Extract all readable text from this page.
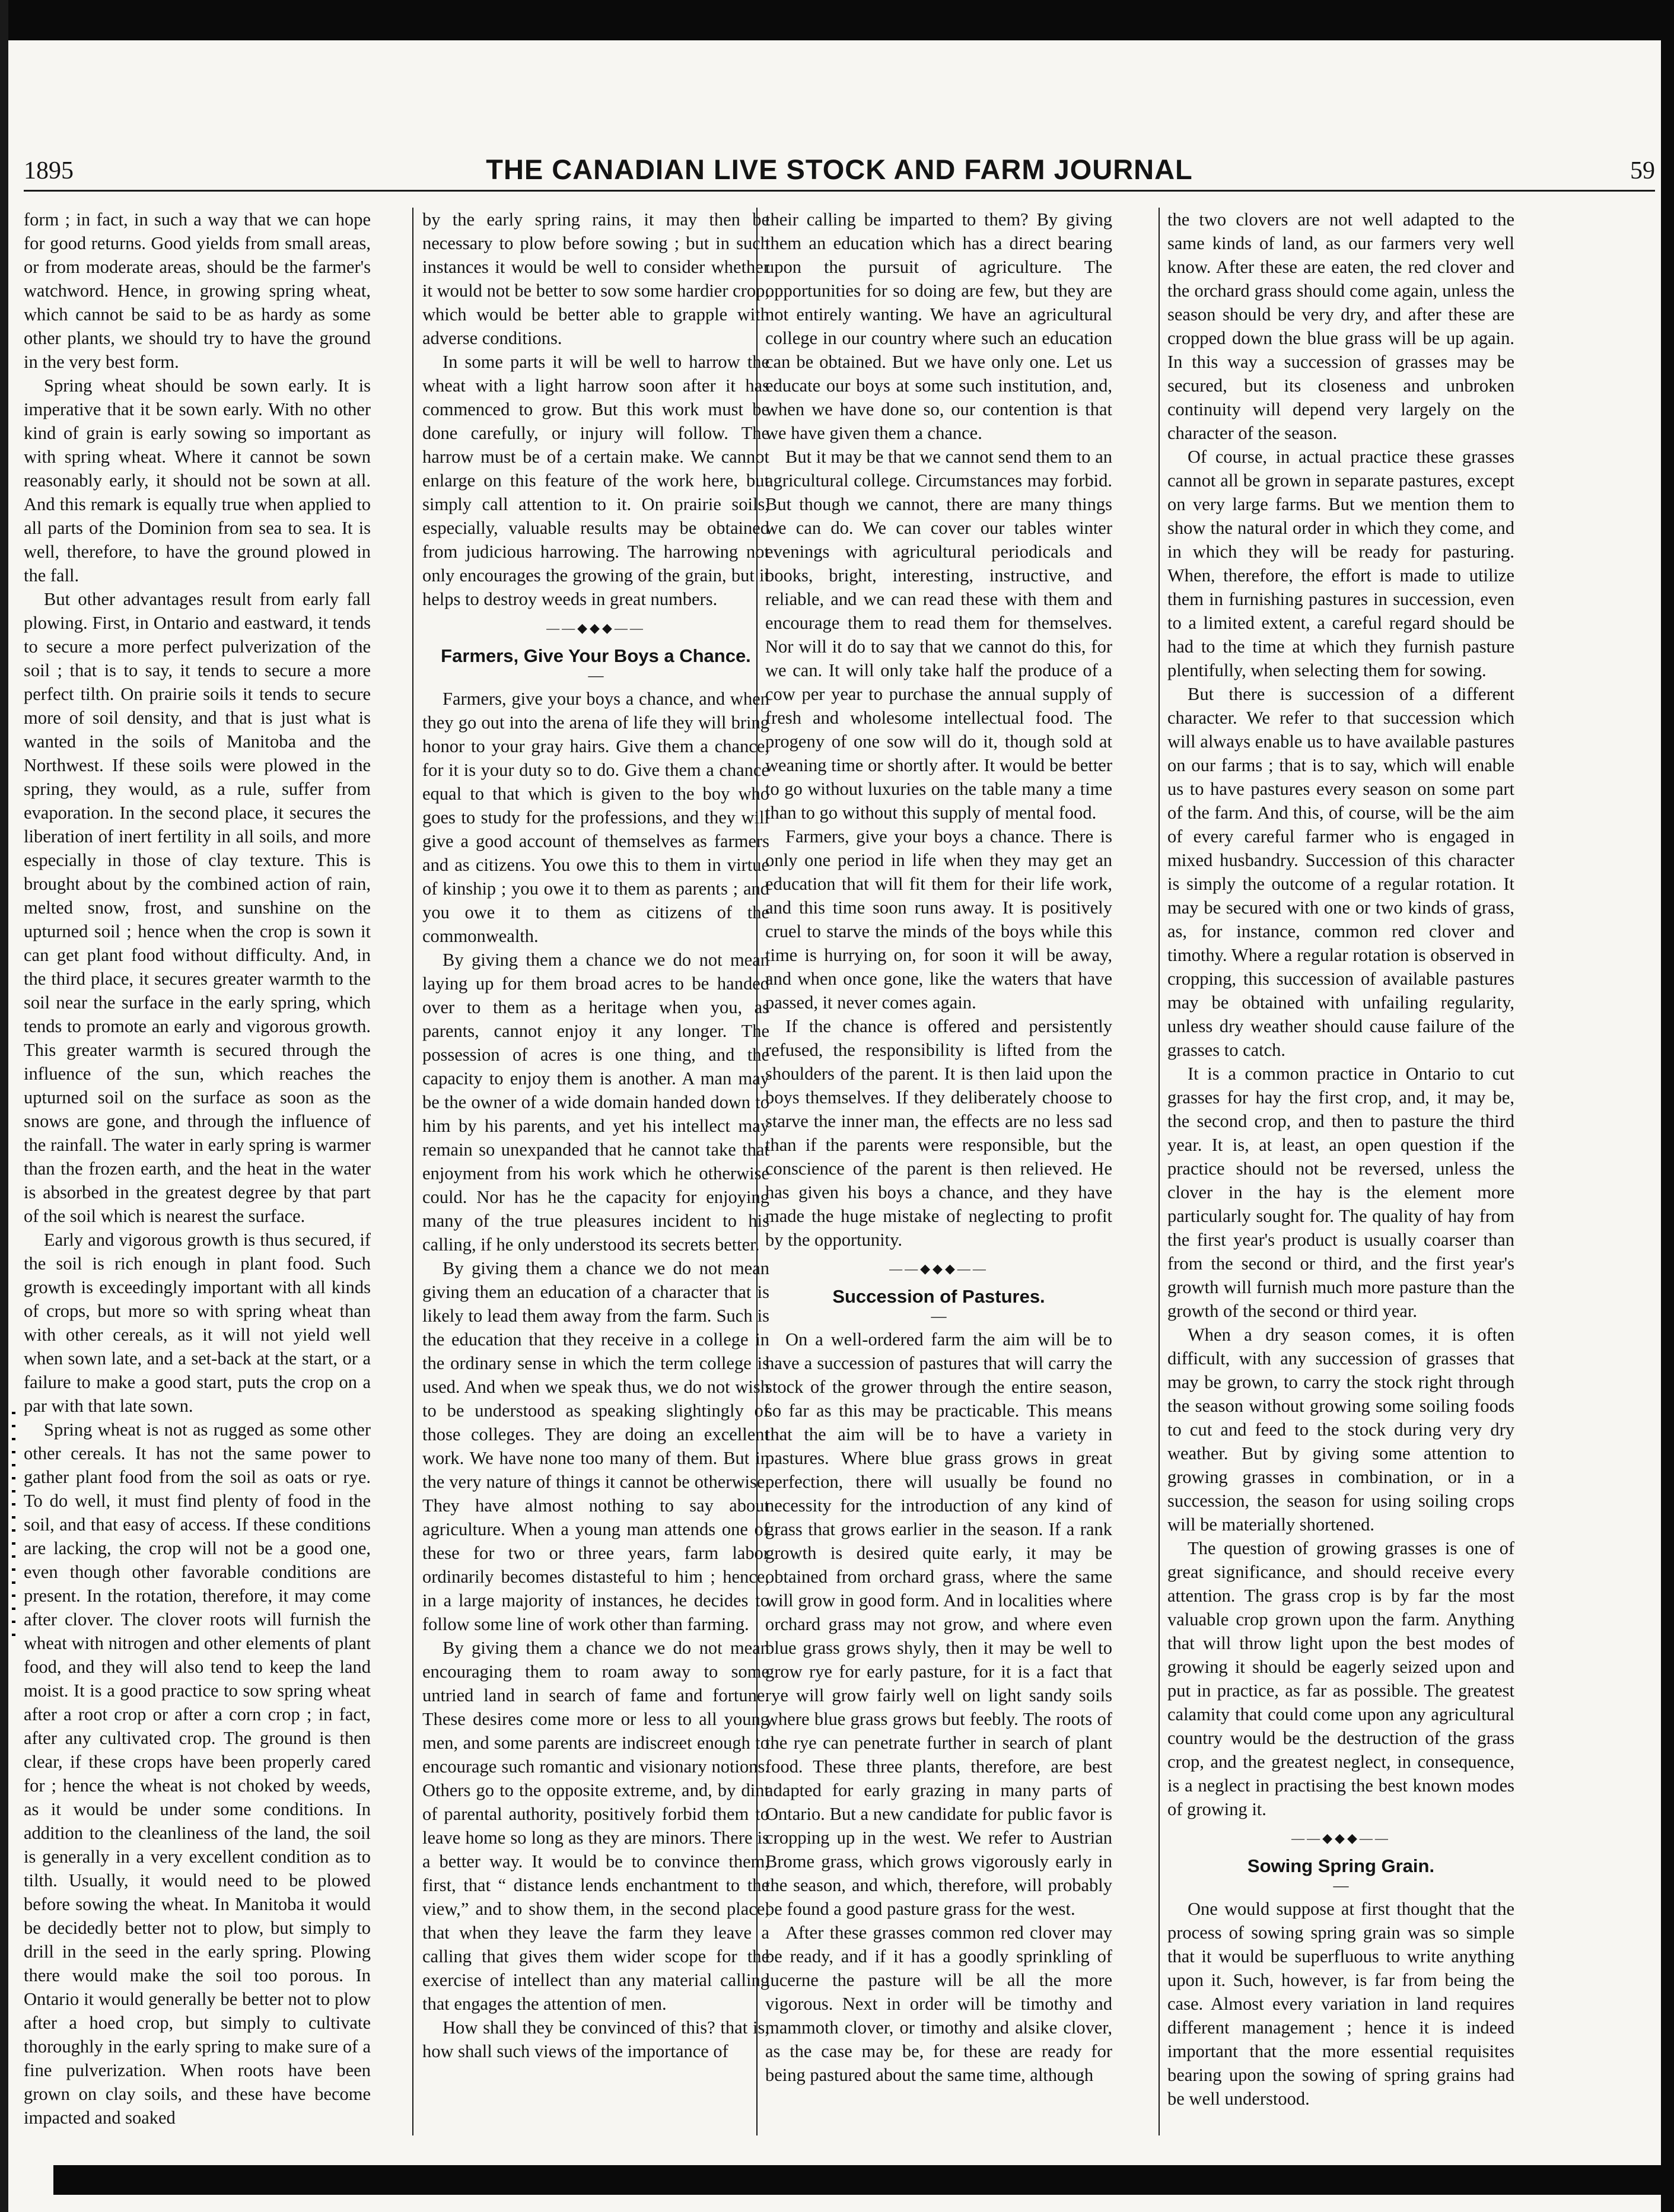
1895	THE CANADIAN LIVE STOCK AND FARM JOURNAL	59

form ; in fact, in such a way that we can hope for good returns. Good yields from small areas, or from moderate areas, should be the farmer's watchword. Hence, in growing spring wheat, which cannot be said to be as hardy as some other plants, we should try to have the ground in the very best form.

Spring wheat should be sown early. It is imperative that it be sown early. With no other kind of grain is early sowing so important as with spring wheat. Where it cannot be sown reasonably early, it should not be sown at all. And this remark is equally true when applied to all parts of the Dominion from sea to sea. It is well, therefore, to have the ground plowed in the fall.

But other advantages result from early fall plowing. First, in Ontario and eastward, it tends to secure a more perfect pulverization of the soil ; that is to say, it tends to secure a more perfect tilth. On prairie soils it tends to secure more of soil density, and that is just what is wanted in the soils of Manitoba and the Northwest. If these soils were plowed in the spring, they would, as a rule, suffer from evaporation. In the second place, it secures the liberation of inert fertility in all soils, and more especially in those of clay texture. This is brought about by the combined action of rain, melted snow, frost, and sunshine on the upturned soil ; hence when the crop is sown it can get plant food without difficulty. And, in the third place, it secures greater warmth to the soil near the surface in the early spring, which tends to promote an early and vigorous growth. This greater warmth is secured through the influence of the sun, which reaches the upturned soil on the surface as soon as the snows are gone, and through the influence of the rainfall. The water in early spring is warmer than the frozen earth, and the heat in the water is absorbed in the greatest degree by that part of the soil which is nearest the surface.

Early and vigorous growth is thus secured, if the soil is rich enough in plant food. Such growth is exceedingly important with all kinds of crops, but more so with spring wheat than with other cereals, as it will not yield well when sown late, and a set-back at the start, or a failure to make a good start, puts the crop on a par with that late sown.

Spring wheat is not as rugged as some other other cereals. It has not the same power to gather plant food from the soil as oats or rye. To do well, it must find plenty of food in the soil, and that easy of access. If these conditions are lacking, the crop will not be a good one, even though other favorable conditions are present. In the rotation, therefore, it may come after clover. The clover roots will furnish the wheat with nitrogen and other elements of plant food, and they will also tend to keep the land moist. It is a good practice to sow spring wheat after a root crop or after a corn crop ; in fact, after any cultivated crop. The ground is then clear, if these crops have been properly cared for ; hence the wheat is not choked by weeds, as it would be under some conditions. In addition to the cleanliness of the land, the soil is generally in a very excellent condition as to tilth. Usually, it would need to be plowed before sowing the wheat. In Manitoba it would be decidedly better not to plow, but simply to drill in the seed in the early spring. Plowing there would make the soil too porous. In Ontario it would generally be better not to plow after a hoed crop, but simply to cultivate thoroughly in the early spring to make sure of a fine pulverization. When roots have been grown on clay soils, and these have become impacted and soaked

by the early spring rains, it may then be necessary to plow before sowing ; but in such instances it would be well to consider whether it would not be better to sow some hardier crop, which would be better able to grapple with adverse conditions.

In some parts it will be well to harrow the wheat with a light harrow soon after it has commenced to grow. But this work must be done carefully, or injury will follow. The harrow must be of a certain make. We cannot enlarge on this feature of the work here, but simply call attention to it. On prairie soils, especially, valuable results may be obtained from judicious harrowing. The harrowing not only encourages the growing of the grain, but it helps to destroy weeds in great numbers.

——◆◆◆——
Farmers, Give Your Boys a Chance.
—

Farmers, give your boys a chance, and when they go out into the arena of life they will bring honor to your gray hairs. Give them a chance, for it is your duty so to do. Give them a chance equal to that which is given to the boy who goes to study for the professions, and they will give a good account of themselves as farmers and as citizens. You owe this to them in virtue of kinship ; you owe it to them as parents ; and you owe it to them as citizens of the commonwealth.

By giving them a chance we do not mean laying up for them broad acres to be handed over to them as a heritage when you, as parents, cannot enjoy it any longer. The possession of acres is one thing, and the capacity to enjoy them is another. A man may be the owner of a wide domain handed down to him by his parents, and yet his intellect may remain so unexpanded that he cannot take that enjoyment from his work which he otherwise could. Nor has he the capacity for enjoying many of the true pleasures incident to his calling, if he only understood its secrets better.

By giving them a chance we do not mean giving them an education of a character that is likely to lead them away from the farm. Such is the education that they receive in a college in the ordinary sense in which the term college is used. And when we speak thus, we do not wish to be understood as speaking slightingly of those colleges. They are doing an excellent work. We have none too many of them. But in the very nature of things it cannot be otherwise. They have almost nothing to say about agriculture. When a young man attends one of these for two or three years, farm labor ordinarily becomes distasteful to him ; hence, in a large majority of instances, he decides to follow some line of work other than farming.

By giving them a chance we do not mean encouraging them to roam away to some untried land in search of fame and fortune. These desires come more or less to all young men, and some parents are indiscreet enough to encourage such romantic and visionary notions. Others go to the opposite extreme, and, by dint of parental authority, positively forbid them to leave home so long as they are minors. There is a better way. It would be to convince them, first, that “ distance lends enchantment to the view,” and to show them, in the second place, that when they leave the farm they leave a calling that gives them wider scope for the exercise of intellect than any material calling that engages the attention of men.

How shall they be convinced of this? that is, how shall such views of the importance of

their calling be imparted to them? By giving them an education which has a direct bearing upon the pursuit of agriculture. The opportunities for so doing are few, but they are not entirely wanting. We have an agricultural college in our country where such an education can be obtained. But we have only one. Let us educate our boys at some such institution, and, when we have done so, our contention is that we have given them a chance.

But it may be that we cannot send them to an agricultural college. Circumstances may forbid. But though we cannot, there are many things we can do. We can cover our tables winter evenings with agricultural periodicals and books, bright, interesting, instructive, and reliable, and we can read these with them and encourage them to read them for themselves. Nor will it do to say that we cannot do this, for we can. It will only take half the produce of a cow per year to purchase the annual supply of fresh and wholesome intellectual food. The progeny of one sow will do it, though sold at weaning time or shortly after. It would be better to go without luxuries on the table many a time than to go without this supply of mental food.

Farmers, give your boys a chance. There is only one period in life when they may get an education that will fit them for their life work, and this time soon runs away. It is positively cruel to starve the minds of the boys while this time is hurrying on, for soon it will be away, and when once gone, like the waters that have passed, it never comes again.

If the chance is offered and persistently refused, the responsibility is lifted from the shoulders of the parent. It is then laid upon the boys themselves. If they deliberately choose to starve the inner man, the effects are no less sad than if the parents were responsible, but the conscience of the parent is then relieved. He has given his boys a chance, and they have made the huge mistake of neglecting to profit by the opportunity.

——◆◆◆——
Succession of Pastures.
—

On a well-ordered farm the aim will be to have a succession of pastures that will carry the stock of the grower through the entire season, so far as this may be practicable. This means that the aim will be to have a variety in pastures. Where blue grass grows in great perfection, there will usually be found no necessity for the introduction of any kind of grass that grows earlier in the season. If a rank growth is desired quite early, it may be obtained from orchard grass, where the same will grow in good form. And in localities where orchard grass may not grow, and where even blue grass grows shyly, then it may be well to grow rye for early pasture, for it is a fact that rye will grow fairly well on light sandy soils where blue grass grows but feebly. The roots of the rye can penetrate further in search of plant food. These three plants, therefore, are best adapted for early grazing in many parts of Ontario. But a new candidate for public favor is cropping up in the west. We refer to Austrian Brome grass, which grows vigorously early in the season, and which, therefore, will probably be found a good pasture grass for the west.

After these grasses common red clover may be ready, and if it has a goodly sprinkling of lucerne the pasture will be all the more vigorous. Next in order will be timothy and mammoth clover, or timothy and alsike clover, as the case may be, for these are ready for being pastured about the same time, although

the two clovers are not well adapted to the same kinds of land, as our farmers very well know. After these are eaten, the red clover and the orchard grass should come again, unless the season should be very dry, and after these are cropped down the blue grass will be up again. In this way a succession of grasses may be secured, but its closeness and unbroken continuity will depend very largely on the character of the season.

Of course, in actual practice these grasses cannot all be grown in separate pastures, except on very large farms. But we mention them to show the natural order in which they come, and in which they will be ready for pasturing. When, therefore, the effort is made to utilize them in furnishing pastures in succession, even to a limited extent, a careful regard should be had to the time at which they furnish pasture plentifully, when selecting them for sowing.

But there is succession of a different character. We refer to that succession which will always enable us to have available pastures on our farms ; that is to say, which will enable us to have pastures every season on some part of the farm. And this, of course, will be the aim of every careful farmer who is engaged in mixed husbandry. Succession of this character is simply the outcome of a regular rotation. It may be secured with one or two kinds of grass, as, for instance, common red clover and timothy. Where a regular rotation is observed in cropping, this succession of available pastures may be obtained with unfailing regularity, unless dry weather should cause failure of the grasses to catch.

It is a common practice in Ontario to cut grasses for hay the first crop, and, it may be, the second crop, and then to pasture the third year. It is, at least, an open question if the practice should not be reversed, unless the clover in the hay is the element more particularly sought for. The quality of hay from the first year's product is usually coarser than from the second or third, and the first year's growth will furnish much more pasture than the growth of the second or third year.

When a dry season comes, it is often difficult, with any succession of grasses that may be grown, to carry the stock right through the season without growing some soiling foods to cut and feed to the stock during very dry weather. But by giving some attention to growing grasses in combination, or in a succession, the season for using soiling crops will be materially shortened.

The question of growing grasses is one of great significance, and should receive every attention. The grass crop is by far the most valuable crop grown upon the farm. Anything that will throw light upon the best modes of growing it should be eagerly seized upon and put in practice, as far as possible. The greatest calamity that could come upon any agricultural country would be the destruction of the grass crop, and the greatest neglect, in consequence, is a neglect in practising the best known modes of growing it.

——◆◆◆——
Sowing Spring Grain.
—

One would suppose at first thought that the process of sowing spring grain was so simple that it would be superfluous to write anything upon it. Such, however, is far from being the case. Almost every variation in land requires different management ; hence it is indeed important that the more essential requisites bearing upon the sowing of spring grains had be well understood.
